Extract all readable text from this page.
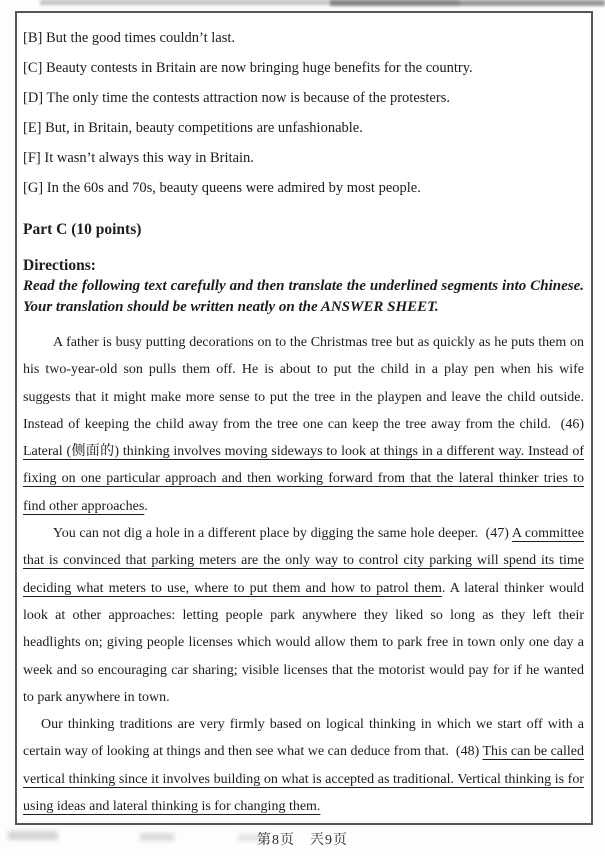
[B] But the good times couldn’t last.
[C] Beauty contests in Britain are now bringing huge benefits for the country.
[D] The only time the contests attraction now is because of the protesters.
[E] But, in Britain, beauty competitions are unfashionable.
[F] It wasn’t always this way in Britain.
[G] In the 60s and 70s, beauty queens were admired by most people.
Part C (10 points)
Directions:
Read the following text carefully and then translate the underlined segments into Chinese. Your translation should be written neatly on the ANSWER SHEET.

A father is busy putting decorations on to the Christmas tree but as quickly as he puts them on his two-year-old son pulls them off. He is about to put the child in a play pen when his wife suggests that it might make more sense to put the tree in the playpen and leave the child outside. Instead of keeping the child away from the tree one can keep the tree away from the child.  (46) Lateral (侧面的) thinking involves moving sideways to look at things in a different way. Instead of fixing on one particular approach and then working forward from that the lateral thinker tries to find other approaches.

You can not dig a hole in a different place by digging the same hole deeper.  (47) A committee that is convinced that parking meters are the only way to control city parking will spend its time deciding what meters to use, where to put them and how to patrol them. A lateral thinker would look at other approaches: letting people park anywhere they liked so long as they left their headlights on; giving people licenses which would allow them to park free in town only one day a week and so encouraging car sharing; visible licenses that the motorist would pay for if he wanted to park anywhere in town.

Our thinking traditions are very firmly based on logical thinking in which we start off with a certain way of looking at things and then see what we can deduce from that.  (48) This can be called vertical thinking since it involves building on what is accepted as traditional. Vertical thinking is for using ideas and lateral thinking is for changing them.

第8页 兲9页
